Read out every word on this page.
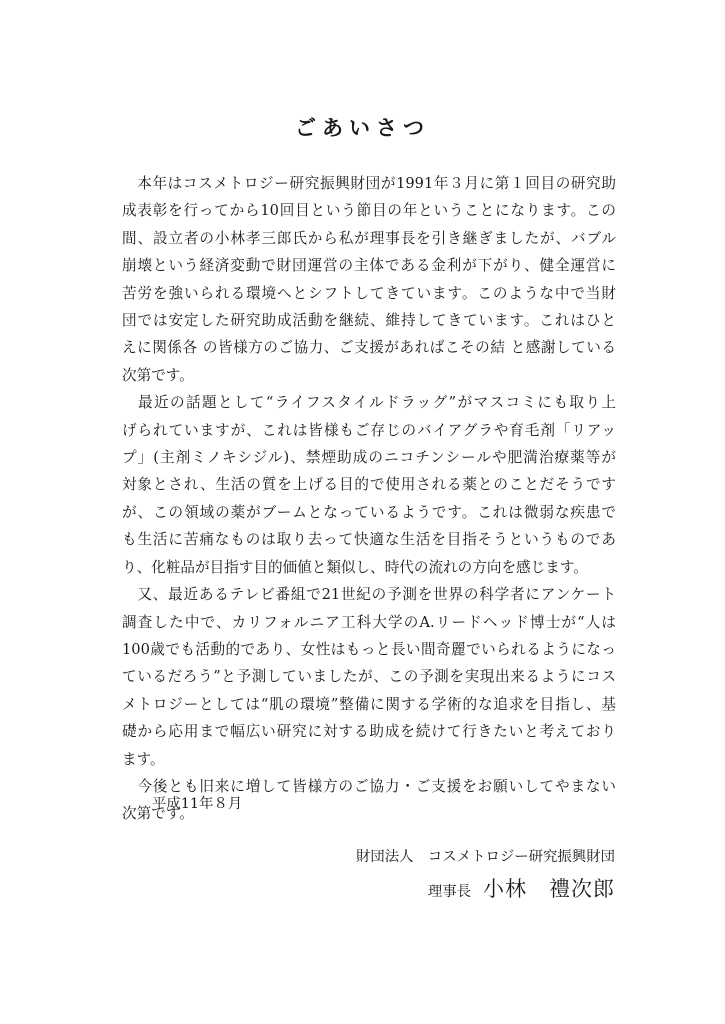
ごあいさつ
　本年はコスメトロジー研究振興財団が1991年３月に第１回目の研究助
成表彰を行ってから10回目という節目の年ということになります。この
間、設立者の小林孝三郎氏から私が理事長を引き継ぎましたが、バブル
崩壊という経済変動で財団運営の主体である金利が下がり、健全運営に
苦労を強いられる環境へとシフトしてきています。このような中で当財
団では安定した研究助成活動を継続、維持してきています。これはひと
えに関係各 の皆様方のご協力、ご支援があればこその結 と感謝している
次第です。
　最近の話題として“ライフスタイルドラッグ”がマスコミにも取り上
げられていますが、これは皆様もご存じのバイアグラや育毛剤「リアッ
プ」(主剤ミノキシジル)、禁煙助成のニコチンシールや肥満治療薬等が
対象とされ、生活の質を上げる目的で使用される薬とのことだそうです
が、この領域の薬がブームとなっているようです。これは微弱な疾患で
も生活に苦痛なものは取り去って快適な生活を目指そうというものであ
り、化粧品が目指す目的価値と類似し、時代の流れの方向を感じます。
　又、最近あるテレビ番組で21世紀の予測を世界の科学者にアンケート
調査した中で、カリフォルニア工科大学のA.リードヘッド博士が“人は
100歳でも活動的であり、女性はもっと長い間奇麗でいられるようになっ
ているだろう”と予測していましたが、この予測を実現出来るようにコス
メトロジーとしては“肌の環境”整備に関する学術的な追求を目指し、基
礎から応用まで幅広い研究に対する助成を続けて行きたいと考えており
ます。
　今後とも旧来に増して皆様方のご協力・ご支援をお願いしてやまない
次第です。

平成11年８月

財団法人　コスメトロジー研究振興財団

理事長 小林　禮次郎
